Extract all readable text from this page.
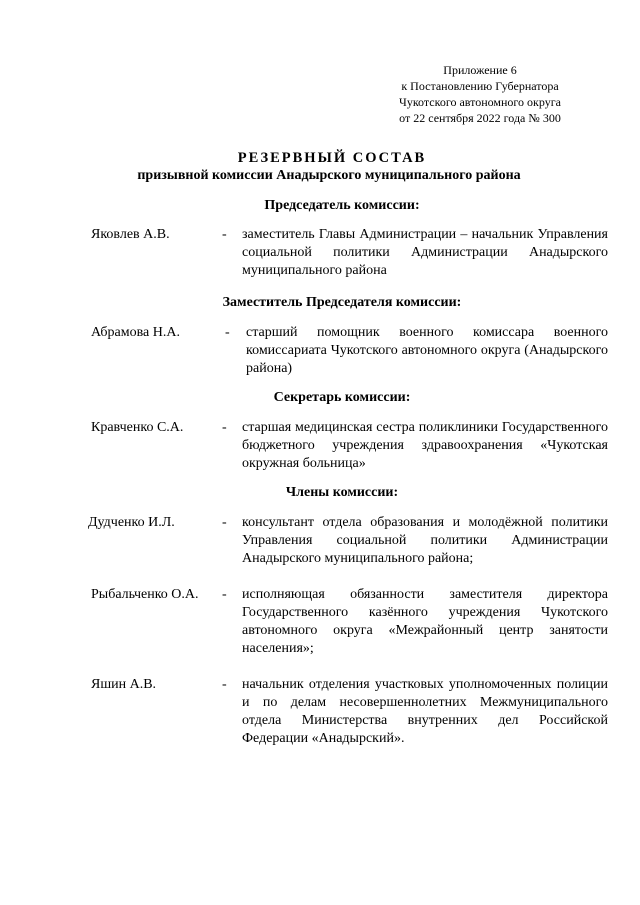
Приложение 6
к Постановлению Губернатора
Чукотского автономного округа
от 22 сентября 2022 года № 300
РЕЗЕРВНЫЙ СОСТАВ
призывной комиссии Анадырского муниципального района
Председатель комиссии:
Яковлев А.В.	- заместитель Главы Администрации – начальник Управления социальной политики Администрации Анадырского муниципального района
Заместитель Председателя комиссии:
Абрамова Н.А.	- старший помощник военного комиссара военного комиссариата Чукотского автономного округа (Анадырского района)
Секретарь комиссии:
Кравченко С.А.	- старшая медицинская сестра поликлиники Государственного бюджетного учреждения здравоохранения «Чукотская окружная больница»
Члены комиссии:
Дудченко И.Л.	- консультант отдела образования и молодёжной политики Управления социальной политики Администрации Анадырского муниципального района;
Рыбальченко О.А. - исполняющая обязанности заместителя директора Государственного казённого учреждения Чукотского автономного округа «Межрайонный центр занятости населения»;
Яшин А.В.	- начальник отделения участковых уполномоченных полиции и по делам несовершеннолетних Межмуниципального отдела Министерства внутренних дел Российской Федерации «Анадырский».
